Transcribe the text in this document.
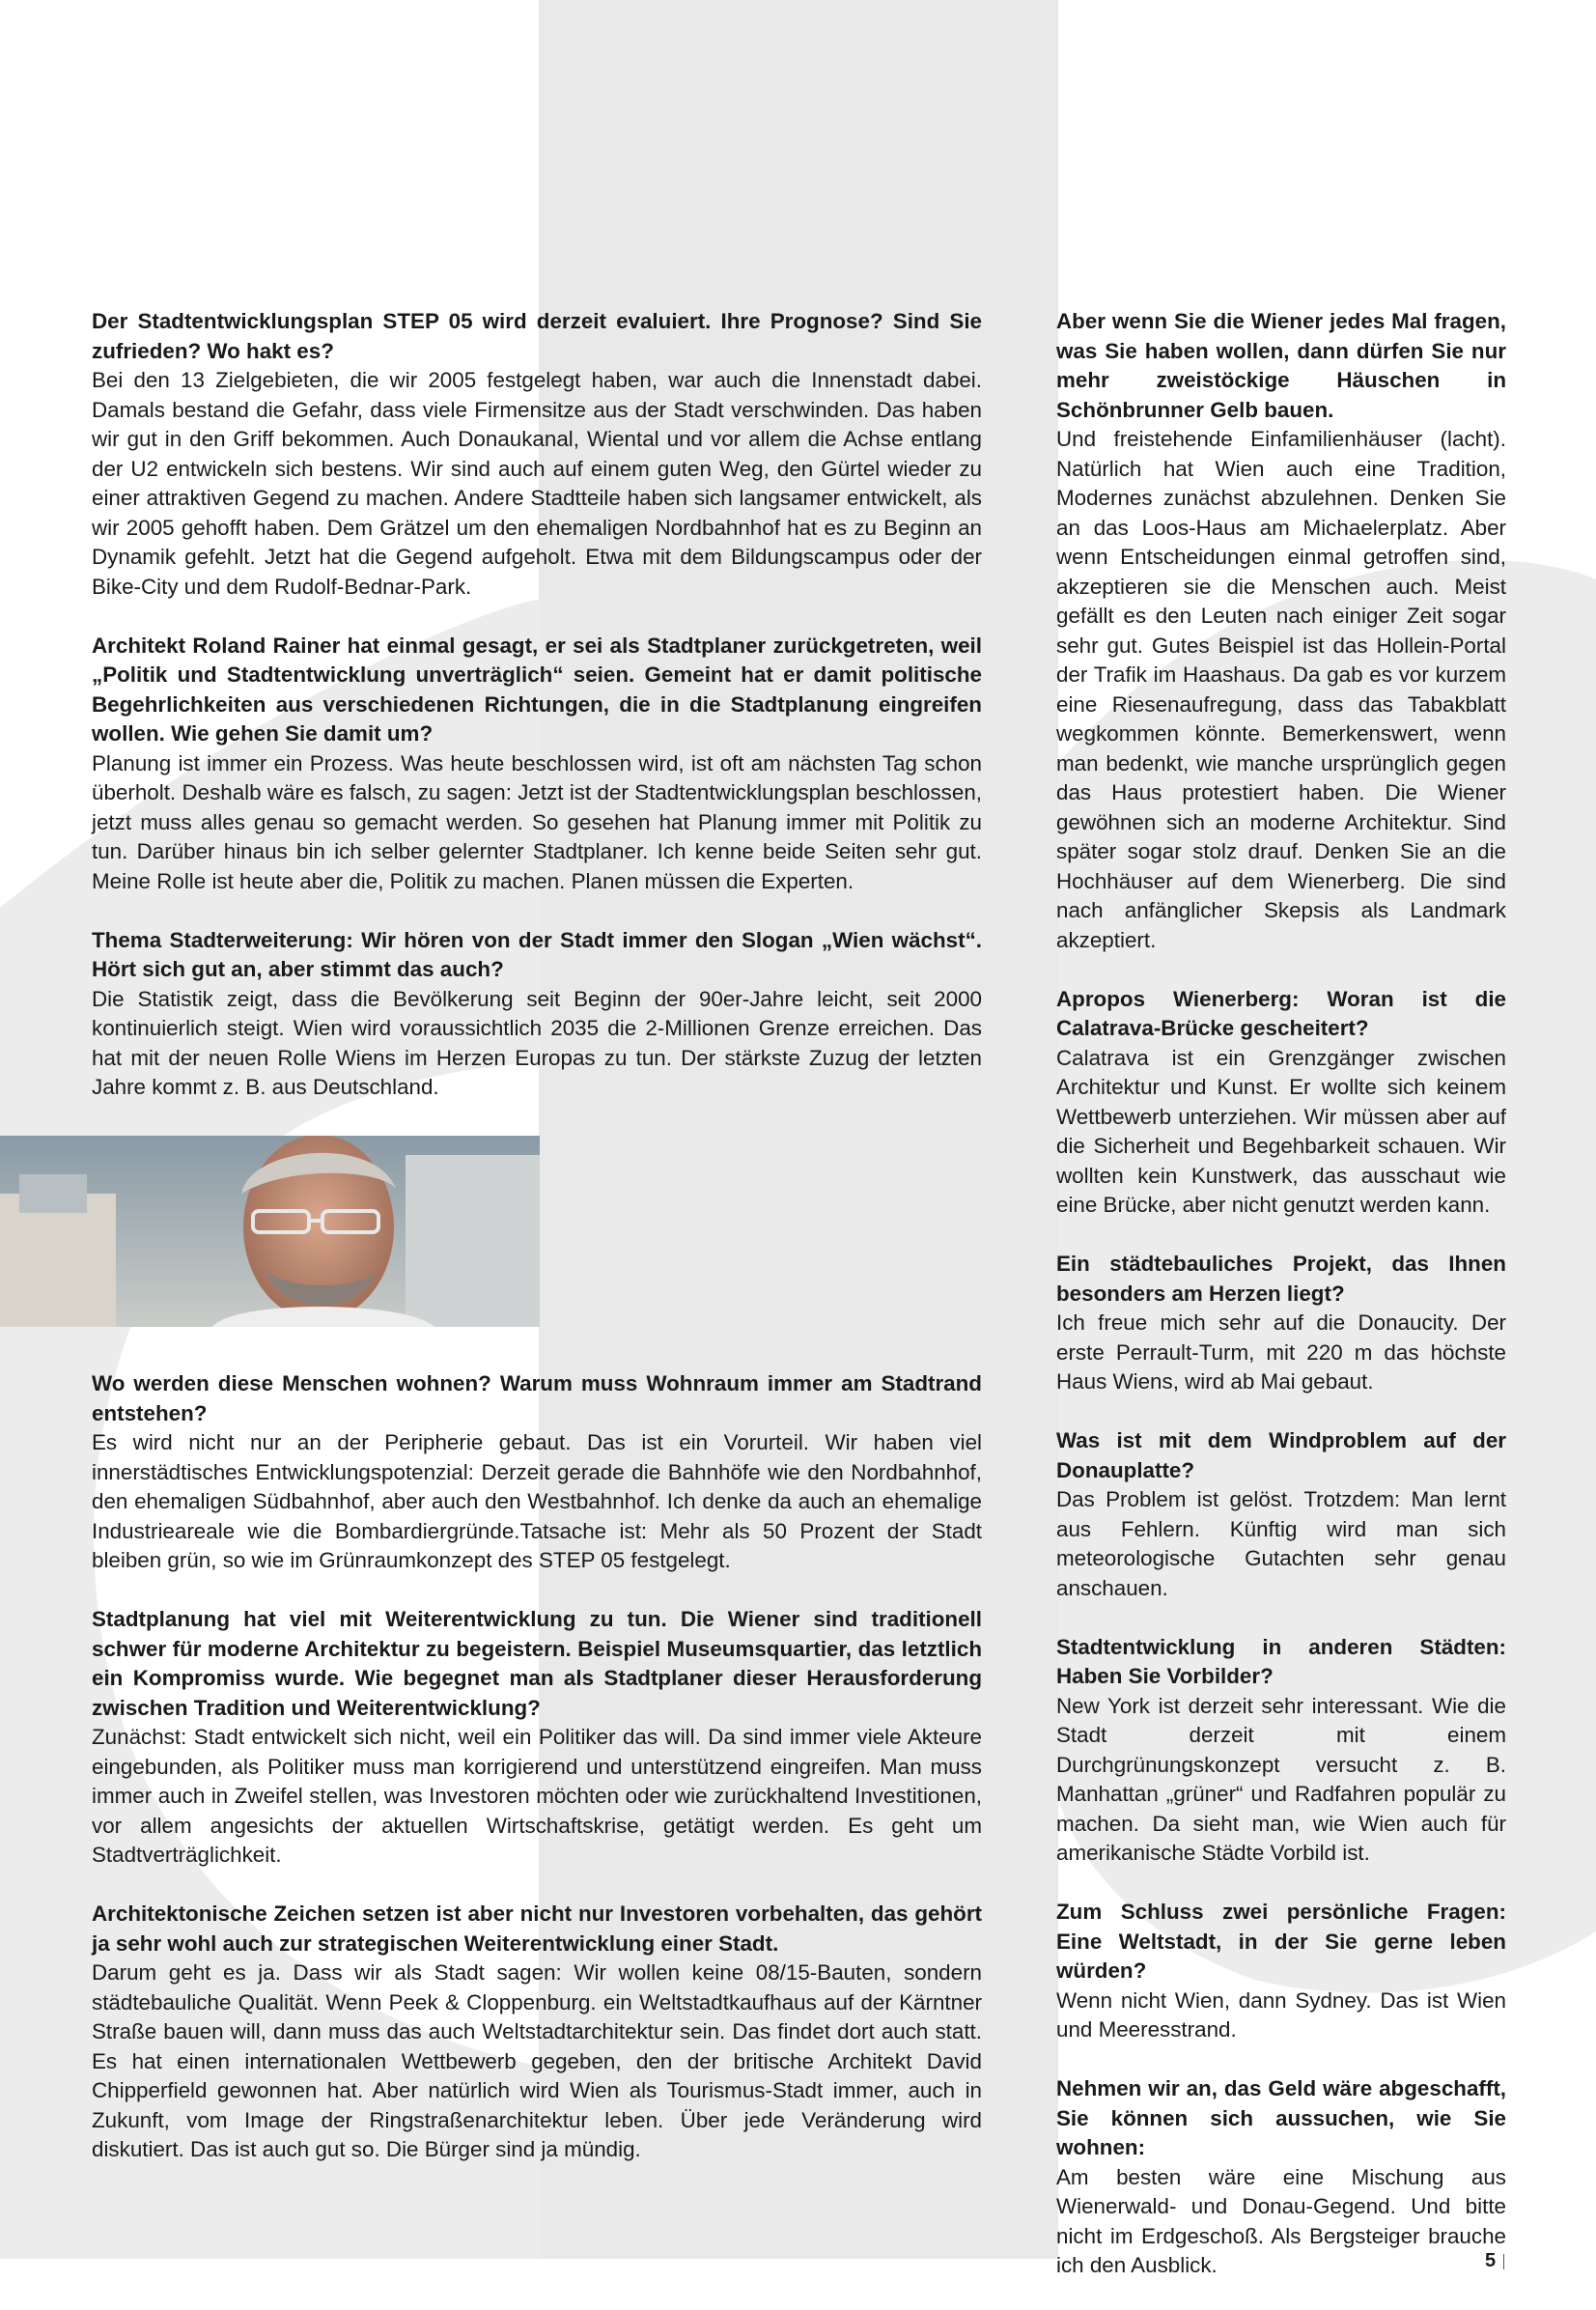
Der Stadtentwicklungsplan STEP 05 wird derzeit evaluiert. Ihre Prognose? Sind Sie zufrieden? Wo hakt es?
Bei den 13 Zielgebieten, die wir 2005 festgelegt haben, war auch die Innenstadt dabei. Damals bestand die Gefahr, dass viele Firmensitze aus der Stadt verschwinden. Das haben wir gut in den Griff bekommen. Auch Donaukanal, Wiental und vor allem die Achse entlang der U2 entwickeln sich bestens. Wir sind auch auf einem guten Weg, den Gürtel wieder zu einer attraktiven Gegend zu machen. Andere Stadtteile haben sich langsamer entwickelt, als wir 2005 gehofft haben. Dem Grätzel um den ehemaligen Nordbahnhof hat es zu Beginn an Dynamik gefehlt. Jetzt hat die Gegend aufgeholt. Etwa mit dem Bildungscampus oder der Bike-City und dem Rudolf-Bednar-Park.
Architekt Roland Rainer hat einmal gesagt, er sei als Stadtplaner zurückgetreten, weil „Politik und Stadtentwicklung unverträglich“ seien. Gemeint hat er damit politische Begehrlichkeiten aus verschiedenen Richtungen, die in die Stadtplanung eingreifen wollen. Wie gehen Sie damit um?
Planung ist immer ein Prozess. Was heute beschlossen wird, ist oft am nächsten Tag schon überholt. Deshalb wäre es falsch, zu sagen: Jetzt ist der Stadtentwicklungsplan beschlossen, jetzt muss alles genau so gemacht werden. So gesehen hat Planung immer mit Politik zu tun. Darüber hinaus bin ich selber gelernter Stadtplaner. Ich kenne beide Seiten sehr gut. Meine Rolle ist heute aber die, Politik zu machen. Planen müssen die Experten.
Thema Stadterweiterung: Wir hören von der Stadt immer den Slogan „Wien wächst“. Hört sich gut an, aber stimmt das auch?
Die Statistik zeigt, dass die Bevölkerung seit Beginn der 90er-Jahre leicht, seit 2000 kontinuierlich steigt. Wien wird voraussichtlich 2035 die 2-Millionen Grenze erreichen. Das hat mit der neuen Rolle Wiens im Herzen Europas zu tun. Der stärkste Zuzug der letzten Jahre kommt z. B. aus Deutschland.
Wo werden diese Menschen wohnen? Warum muss Wohnraum immer am Stadtrand entstehen?
Es wird nicht nur an der Peripherie gebaut. Das ist ein Vorurteil. Wir haben viel innerstädtisches Entwicklungspotenzial: Derzeit gerade die Bahnhöfe wie den Nordbahnhof, den ehemaligen Südbahnhof, aber auch den Westbahnhof. Ich denke da auch an ehemalige Industrieareale wie die Bombardiergründe.Tatsache ist: Mehr als 50 Prozent der Stadt bleiben grün, so wie im Grünraumkonzept des STEP 05 festgelegt.
Stadtplanung hat viel mit Weiterentwicklung zu tun. Die Wiener sind traditionell schwer für moderne Architektur zu begeistern. Beispiel Museumsquartier, das letztlich ein Kompromiss wurde. Wie begegnet man als Stadtplaner dieser Herausforderung zwischen Tradition und Weiterentwicklung?
Zunächst: Stadt entwickelt sich nicht, weil ein Politiker das will. Da sind immer viele Akteure eingebunden, als Politiker muss man korrigierend und unterstützend eingreifen. Man muss immer auch in Zweifel stellen, was Investoren möchten oder wie zurückhaltend Investitionen, vor allem angesichts der aktuellen Wirtschaftskrise, getätigt werden. Es geht um Stadtverträglichkeit.
Architektonische Zeichen setzen ist aber nicht nur Investoren vorbehalten, das gehört ja sehr wohl auch zur strategischen Weiterentwicklung einer Stadt.
Darum geht es ja. Dass wir als Stadt sagen: Wir wollen keine 08/15-Bauten, sondern städtebauliche Qualität. Wenn Peek & Cloppenburg. ein Weltstadtkaufhaus auf der Kärntner Straße bauen will, dann muss das auch Weltstadtarchitektur sein. Das findet dort auch statt. Es hat einen internationalen Wettbewerb gegeben, den der britische Architekt David Chipperfield gewonnen hat. Aber natürlich wird Wien als Tourismus-Stadt immer, auch in Zukunft, vom Image der Ringstraßenarchitektur leben. Über jede Veränderung wird diskutiert. Das ist auch gut so. Die Bürger sind ja mündig.
Aber wenn Sie die Wiener jedes Mal fragen, was Sie haben wollen, dann dürfen Sie nur mehr zweistöckige Häuschen in Schönbrunner Gelb bauen.
Und freistehende Einfamilienhäuser (lacht). Natürlich hat Wien auch eine Tradition, Modernes zunächst abzulehnen. Denken Sie an das Loos-Haus am Michaelerplatz. Aber wenn Entscheidungen einmal getroffen sind, akzeptieren sie die Menschen auch. Meist gefällt es den Leuten nach einiger Zeit sogar sehr gut. Gutes Beispiel ist das Hollein-Portal der Trafik im Haashaus. Da gab es vor kurzem eine Riesenaufregung, dass das Tabakblatt wegkommen könnte. Bemerkenswert, wenn man bedenkt, wie manche ursprünglich gegen das Haus protestiert haben. Die Wiener gewöhnen sich an moderne Architektur. Sind später sogar stolz drauf. Denken Sie an die Hochhäuser auf dem Wienerberg. Die sind nach anfänglicher Skepsis als Landmark akzeptiert.
Apropos Wienerberg: Woran ist die Calatrava-Brücke gescheitert?
Calatrava ist ein Grenzgänger zwischen Architektur und Kunst. Er wollte sich keinem Wettbewerb unterziehen. Wir müssen aber auf die Sicherheit und Begehbarkeit schauen. Wir wollten kein Kunstwerk, das ausschaut wie eine Brücke, aber nicht genutzt werden kann.
Ein städtebauliches Projekt, das Ihnen besonders am Herzen liegt?
Ich freue mich sehr auf die Donaucity. Der erste Perrault-Turm, mit 220 m das höchste Haus Wiens, wird ab Mai gebaut.
Was ist mit dem Windproblem auf der Donauplatte?
Das Problem ist gelöst. Trotzdem: Man lernt aus Fehlern. Künftig wird man sich meteorologische Gutachten sehr genau anschauen.
Stadtentwicklung in anderen Städten: Haben Sie Vorbilder?
New York ist derzeit sehr interessant. Wie die Stadt derzeit mit einem Durchgrünungskonzept versucht z. B. Manhattan „grüner“ und Radfahren populär zu machen. Da sieht man, wie Wien auch für amerikanische Städte Vorbild ist.
Zum Schluss zwei persönliche Fragen: Eine Weltstadt, in der Sie gerne leben würden?
Wenn nicht Wien, dann Sydney. Das ist Wien und Meeresstrand.
Nehmen wir an, das Geld wäre abgeschafft, Sie können sich aussuchen, wie Sie wohnen:
Am besten wäre eine Mischung aus Wienerwald- und Donau-Gegend. Und bitte nicht im Erdgeschoß. Als Bergsteiger brauche ich den Ausblick.	5
